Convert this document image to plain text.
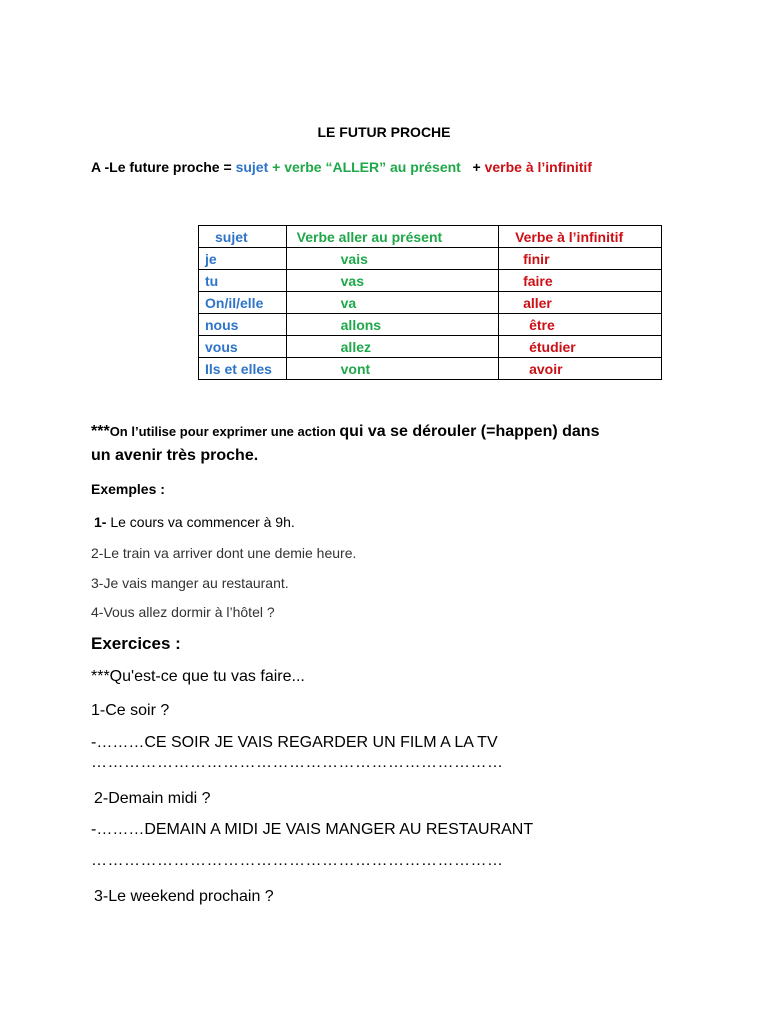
LE FUTUR PROCHE
A -Le future proche = sujet + verbe “ALLER” au présent + verbe à l’infinitif
sujet	Verbe aller au présent	Verbe à l’infinitif
je	vais	finir
tu	vas	faire
On/il/elle	va	aller
nous	allons	être
vous	allez	étudier
Ils et elles	vont	avoir
***On l’utilise pour exprimer une action qui va se dérouler (=happen) dans
un avenir très proche.
Exemples :
1- Le cours va commencer à 9h.
2-Le train va arriver dont une demie heure.
3-Je vais manger au restaurant.
4-Vous allez dormir à l’hôtel ?
Exercices :
***Qu'est-ce que tu vas faire...
1-Ce soir ?
-………CE SOIR JE VAIS REGARDER UN FILM A LA TV
…………………………………………………………………
2-Demain midi ?
-………DEMAIN A MIDI JE VAIS MANGER AU RESTAURANT
…………………………………………………………………
3-Le weekend prochain ?
